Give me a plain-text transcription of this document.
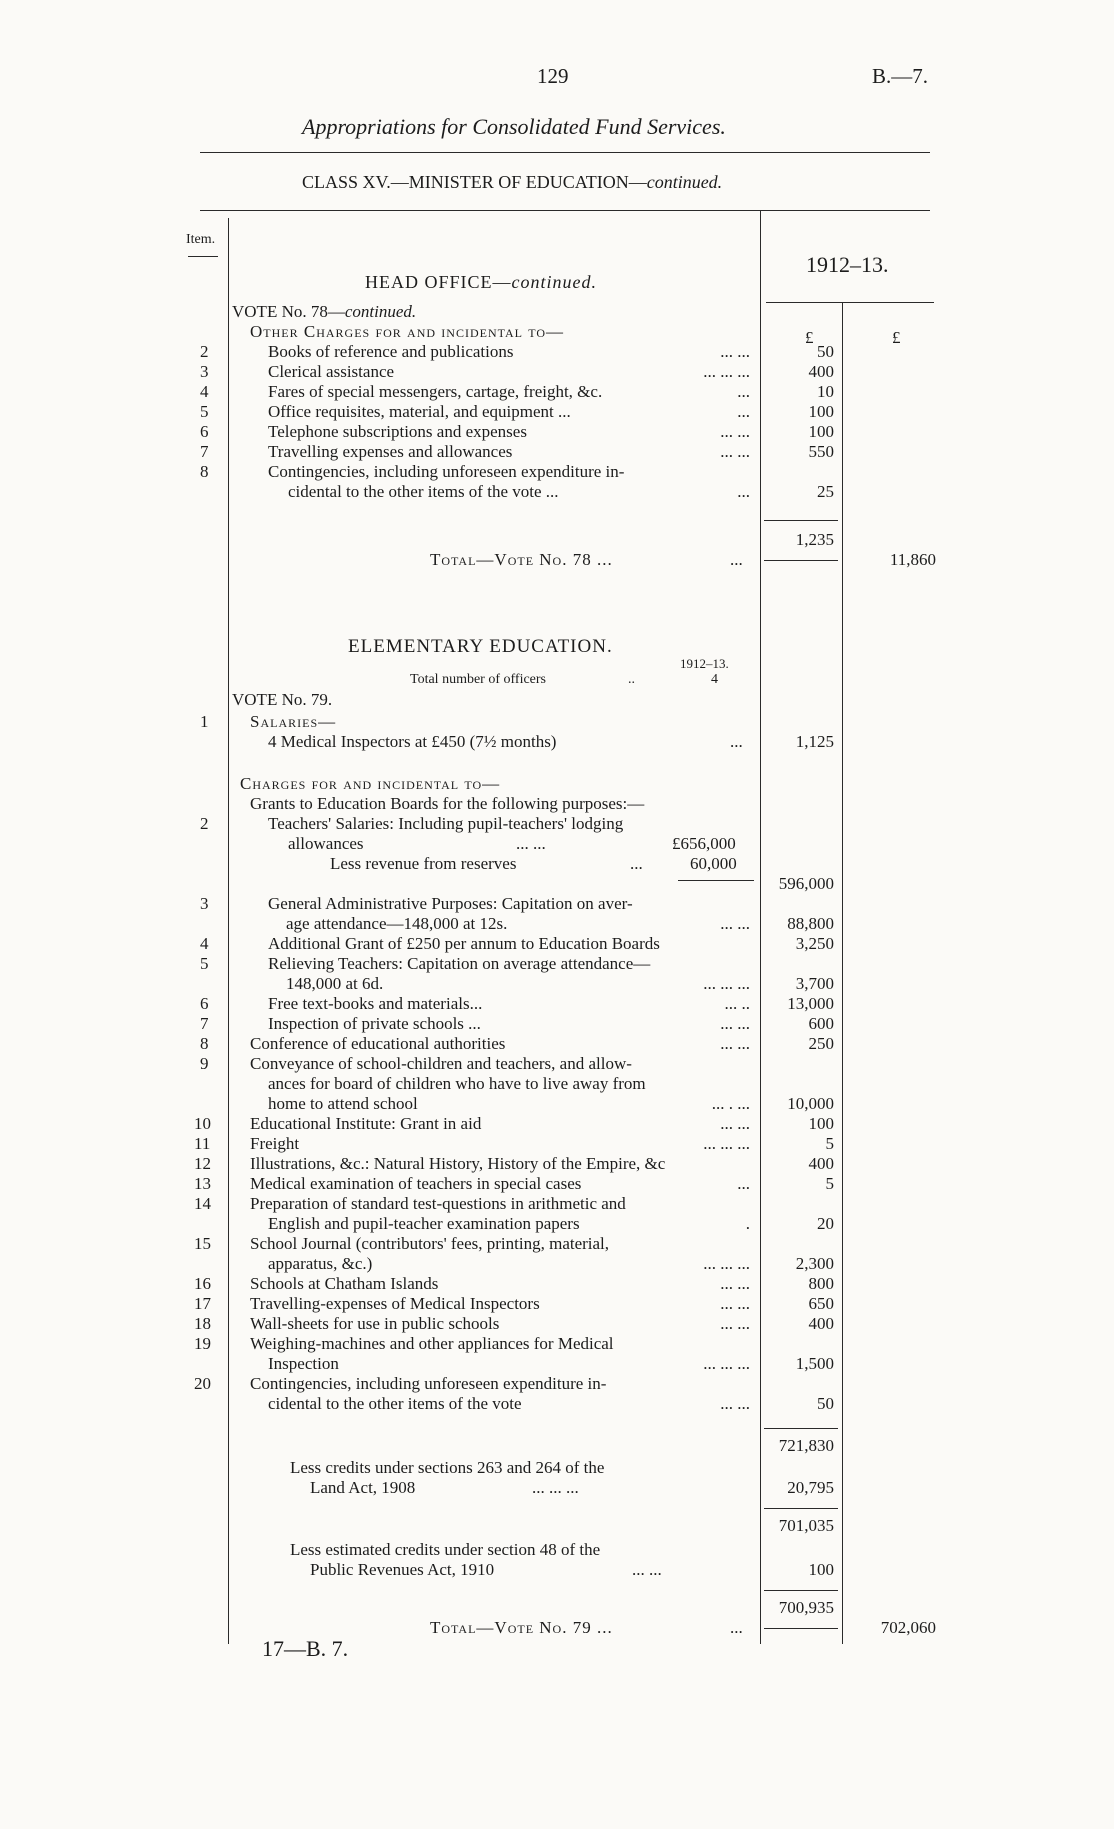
129	B.—7.
Appropriations for Consolidated Fund Services.
CLASS XV.—MINISTER OF EDUCATION—continued.
Item.
1912–13.
£	£
HEAD OFFICE—continued.
VOTE No. 78—continued.
Other Charges for and incidental to—
2	Books of reference and publications	... ...	50
3	Clerical assistance	... ... ...	400
4	Fares of special messengers, cartage, freight, &c.	...	10
5	Office requisites, material, and equipment ...	...	100
6	Telephone subscriptions and expenses	... ...	100
7	Travelling expenses and allowances	... ...	550
8	Contingencies, including unforeseen expenditure in-
cidental to the other items of the vote ...	...	25
1,235
Total—Vote No. 78 ...	...	11,860
ELEMENTARY EDUCATION.
1912–13.
Total number of officers	..	4
VOTE No. 79.
1 Salaries—
4 Medical Inspectors at £450 (7½ months)	...	1,125
Charges for and incidental to—
Grants to Education Boards for the following purposes:—
2	Teachers' Salaries: Including pupil-teachers' lodging
allowances	... ...	£656,000
Less revenue from reserves	...	60,000
596,000
3	General Administrative Purposes: Capitation on aver-
age attendance—148,000 at 12s.	... ...	88,800
4	Additional Grant of £250 per annum to Education Boards	3,250
5	Relieving Teachers: Capitation on average attendance—
148,000 at 6d.	... ... ...	3,700
6	Free text-books and materials...	... ..	13,000
7	Inspection of private schools ...	... ...	600
8 Conference of educational authorities	... ...	250
9 Conveyance of school-children and teachers, and allow-
ances for board of children who have to live away from
home to attend school	... . ...	10,000
10 Educational Institute: Grant in aid	... ...	100
11 Freight	... ... ...	5
12 Illustrations, &c.: Natural History, History of the Empire, &c	400
13 Medical examination of teachers in special cases	...	5
14 Preparation of standard test-questions in arithmetic and
English and pupil-teacher examination papers	.	20
15 School Journal (contributors' fees, printing, material,
apparatus, &c.)	... ... ...	2,300
16 Schools at Chatham Islands	... ...	800
17 Travelling-expenses of Medical Inspectors	... ...	650
18 Wall-sheets for use in public schools	... ...	400
19 Weighing-machines and other appliances for Medical
Inspection	... ... ...	1,500
20 Contingencies, including unforeseen expenditure in-
cidental to the other items of the vote	... ...	50
721,830
Less credits under sections 263 and 264 of the
Land Act, 1908	... ... ...	20,795
701,035
Less estimated credits under section 48 of the
Public Revenues Act, 1910	... ...	100
700,935
Total—Vote No. 79 ...	...	702,060
17—B. 7.
